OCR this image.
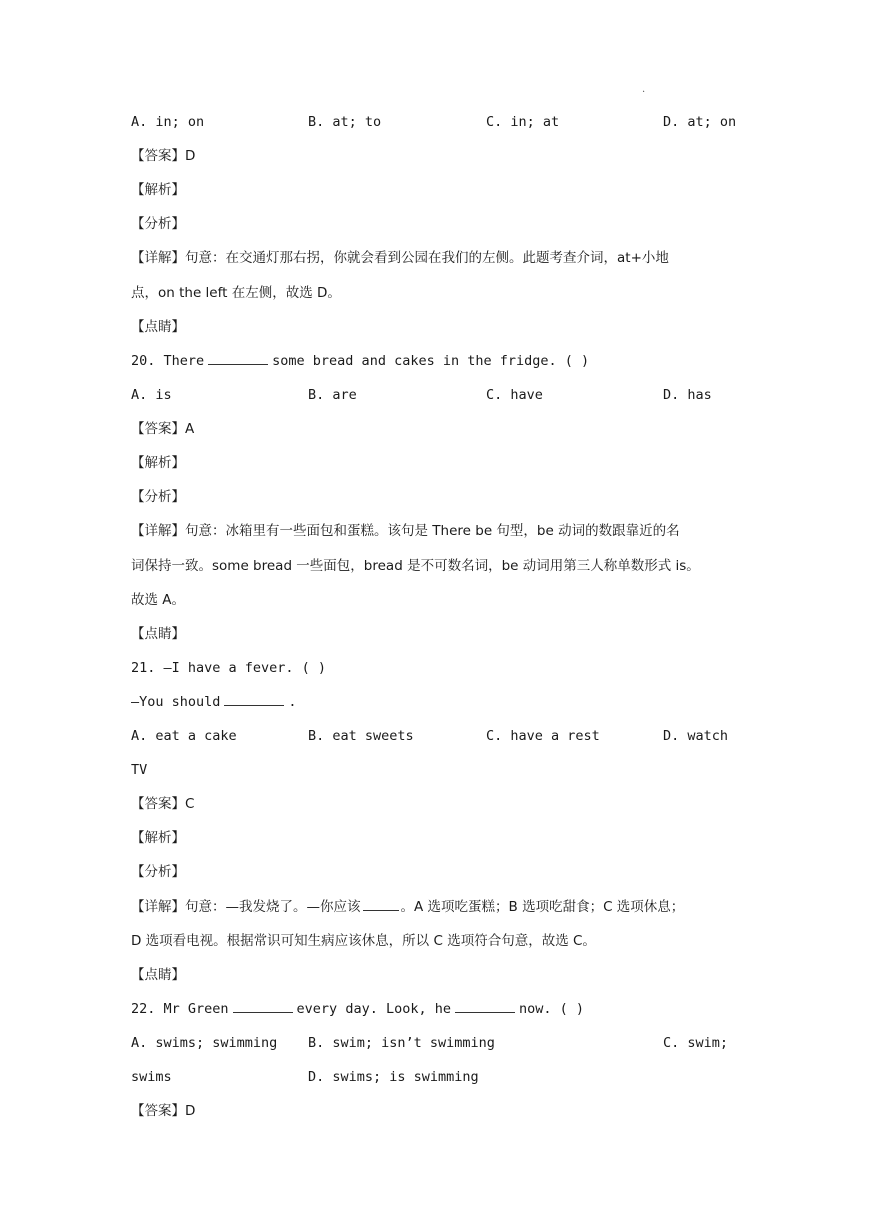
.
A. in; on	B. at; to	C. in; at	D. at; on
【答案】D
【解析】
【分析】
【详解】句意：在交通灯那右拐，你就会看到公园在我们的左侧。此题考查介词，at+小地
点，on the left 在左侧，故选 D。
【点睛】
20. There	some bread and cakes in the fridge. ( )
A. is	B. are	C. have	D. has
【答案】A
【解析】
【分析】
【详解】句意：冰箱里有一些面包和蛋糕。该句是 There be 句型，be 动词的数跟靠近的名
词保持一致。some bread 一些面包，bread 是不可数名词，be 动词用第三人称单数形式 is。
故选 A。
【点睛】
21. —I have a fever. ( )
—You should	.
A. eat a cake	B. eat sweets	C. have a rest	D. watch
TV
【答案】C
【解析】
【分析】
【详解】句意：—我发烧了。—你应该	。A 选项吃蛋糕；B 选项吃甜食；C 选项休息；
D 选项看电视。根据常识可知生病应该休息，所以 C 选项符合句意，故选 C。
【点睛】
22. Mr Green	every day. Look, he	now. ( )
A. swims; swimming B. swim; isn’t swimming	C. swim;
swims	D. swims; is swimming
【答案】D
